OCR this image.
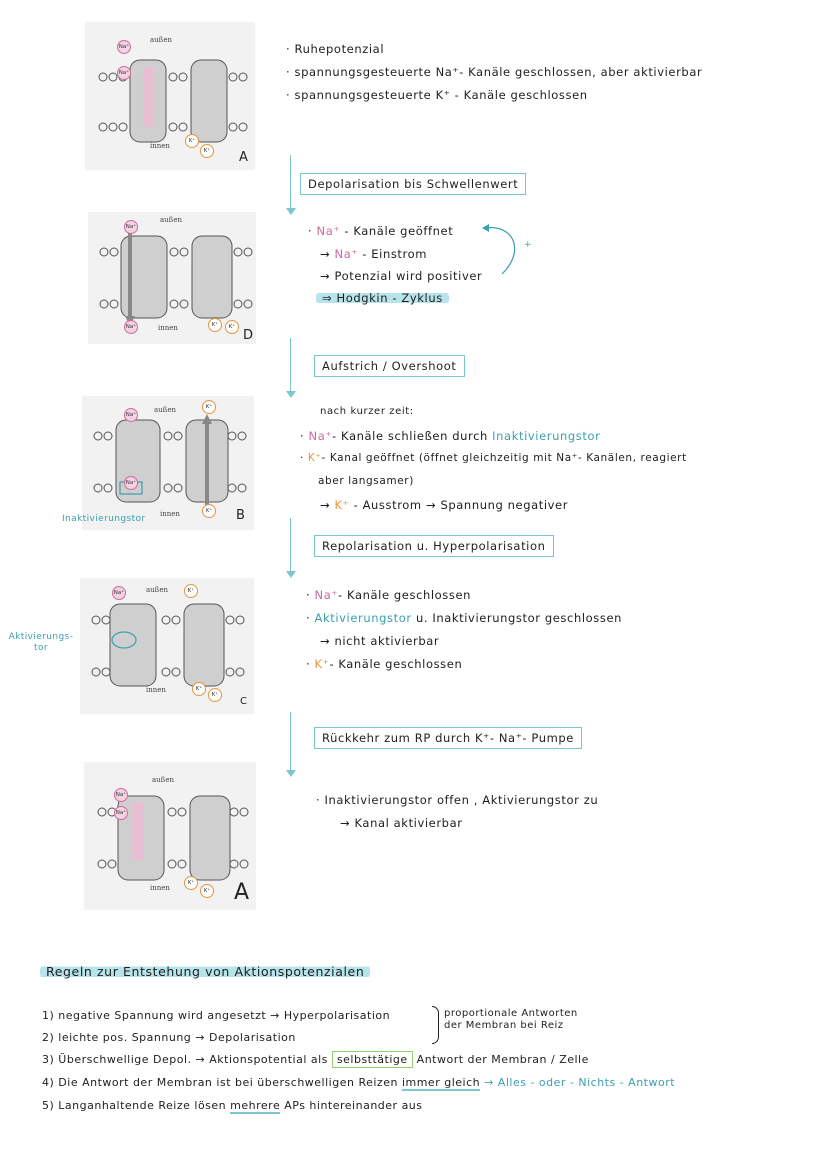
außen
innen
Na⁺
Na⁺
K⁺
K⁺ A
· Ruhepotenzial
· spannungsgesteuerte Na⁺- Kanäle geschlossen, aber aktivierbar
· spannungsgesteuerte K⁺ - Kanäle geschlossen
Depolarisation bis Schwellenwert
außen
innen
Na⁺
Na⁺	K⁺	K⁺
D
· Na⁺ - Kanäle geöffnet
→ Na⁺ - Einstrom
→ Potenzial wird positiver
⇒ Hodgkin - Zyklus
+
Aufstrich / Overshoot
außen
innen
Na⁺
Na⁺
K⁺
K⁺ B
Inaktivierungstor
nach kurzer zeit:
· Na⁺- Kanäle schließen durch Inaktivierungstor
· K⁺- Kanal geöffnet (öffnet gleichzeitig mit Na⁺- Kanälen, reagiert
aber langsamer)
→ K⁺ - Ausstrom → Spannung negativer
Repolarisation u. Hyperpolarisation
außen
innen
Na⁺	K⁺
K⁺
K⁺
C
Aktivierungs-tor
· Na⁺- Kanäle geschlossen
· Aktivierungstor u. Inaktivierungstor geschlossen
→ nicht aktivierbar
· K⁺- Kanäle geschlossen
Rückkehr zum RP durch K⁺- Na⁺- Pumpe
außen
innen
Na⁺
Na⁺
K⁺
K⁺ A
· Inaktivierungstor offen , Aktivierungstor zu
→ Kanal aktivierbar
Regeln zur Entstehung von Aktionspotenzialen
1) negative Spannung wird angesetzt → Hyperpolarisation
2) leichte pos. Spannung → Depolarisation
proportionale Antworten
der Membran bei Reiz
3) Überschwellige Depol. → Aktionspotential als selbsttätige Antwort der Membran / Zelle
4) Die Antwort der Membran ist bei überschwelligen Reizen immer gleich → Alles - oder - Nichts - Antwort
5) Langanhaltende Reize lösen mehrere APs hintereinander aus
